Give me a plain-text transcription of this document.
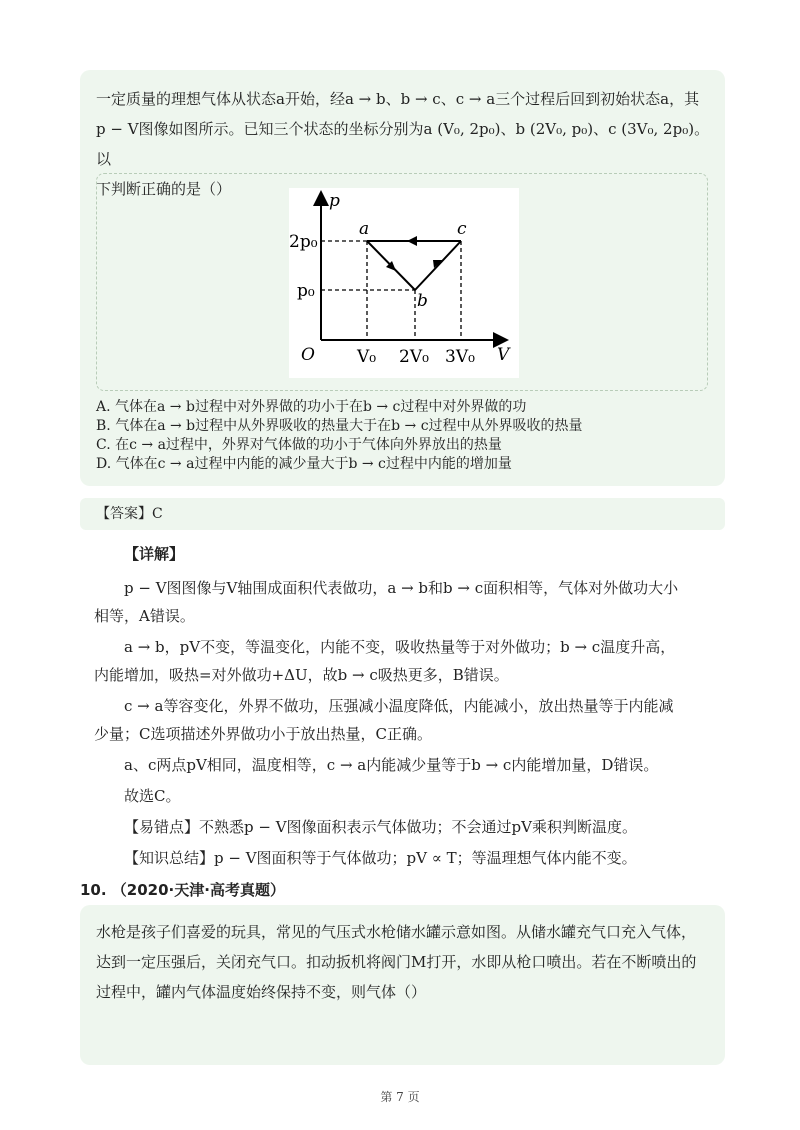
一定质量的理想气体从状态a开始，经a → b、b → c、c → a三个过程后回到初始状态a，其
p − V图像如图所示。已知三个状态的坐标分别为a (V₀, 2p₀)、b (2V₀, p₀)、c (3V₀, 2p₀)。以
下判断正确的是（）
p
V
O
2p₀
p₀
V₀ 2V₀ 3V₀
a
b
c
A. 气体在a → b过程中对外界做的功小于在b → c过程中对外界做的功
B. 气体在a → b过程中从外界吸收的热量大于在b → c过程中从外界吸收的热量
C. 在c → a过程中，外界对气体做的功小于气体向外界放出的热量
D. 气体在c → a过程中内能的减少量大于b → c过程中内能的增加量
【答案】C
【详解】

p − V图图像与V轴围成面积代表做功，a → b和b → c面积相等，气体对外做功大小相等，A错误。

a → b，pV不变，等温变化，内能不变，吸收热量等于对外做功；b → c温度升高，内能增加，吸热=对外做功+ΔU，故b → c吸热更多，B错误。

c → a等容变化，外界不做功，压强减小温度降低，内能减小，放出热量等于内能减少量；C选项描述外界做功小于放出热量，C正确。

a、c两点pV相同，温度相等，c → a内能减少量等于b → c内能增加量，D错误。

故选C。

【易错点】不熟悉p − V图像面积表示气体做功；不会通过pV乘积判断温度。

【知识总结】p − V图面积等于气体做功；pV ∝ T；等温理想气体内能不变。

10. （2020·天津·高考真题）
水枪是孩子们喜爱的玩具，常见的气压式水枪储水罐示意如图。从储水罐充气口充入气体，达到一定压强后，关闭充气口。扣动扳机将阀门M打开，水即从枪口喷出。若在不断喷出的过程中，罐内气体温度始终保持不变，则气体（）
第 7 页
